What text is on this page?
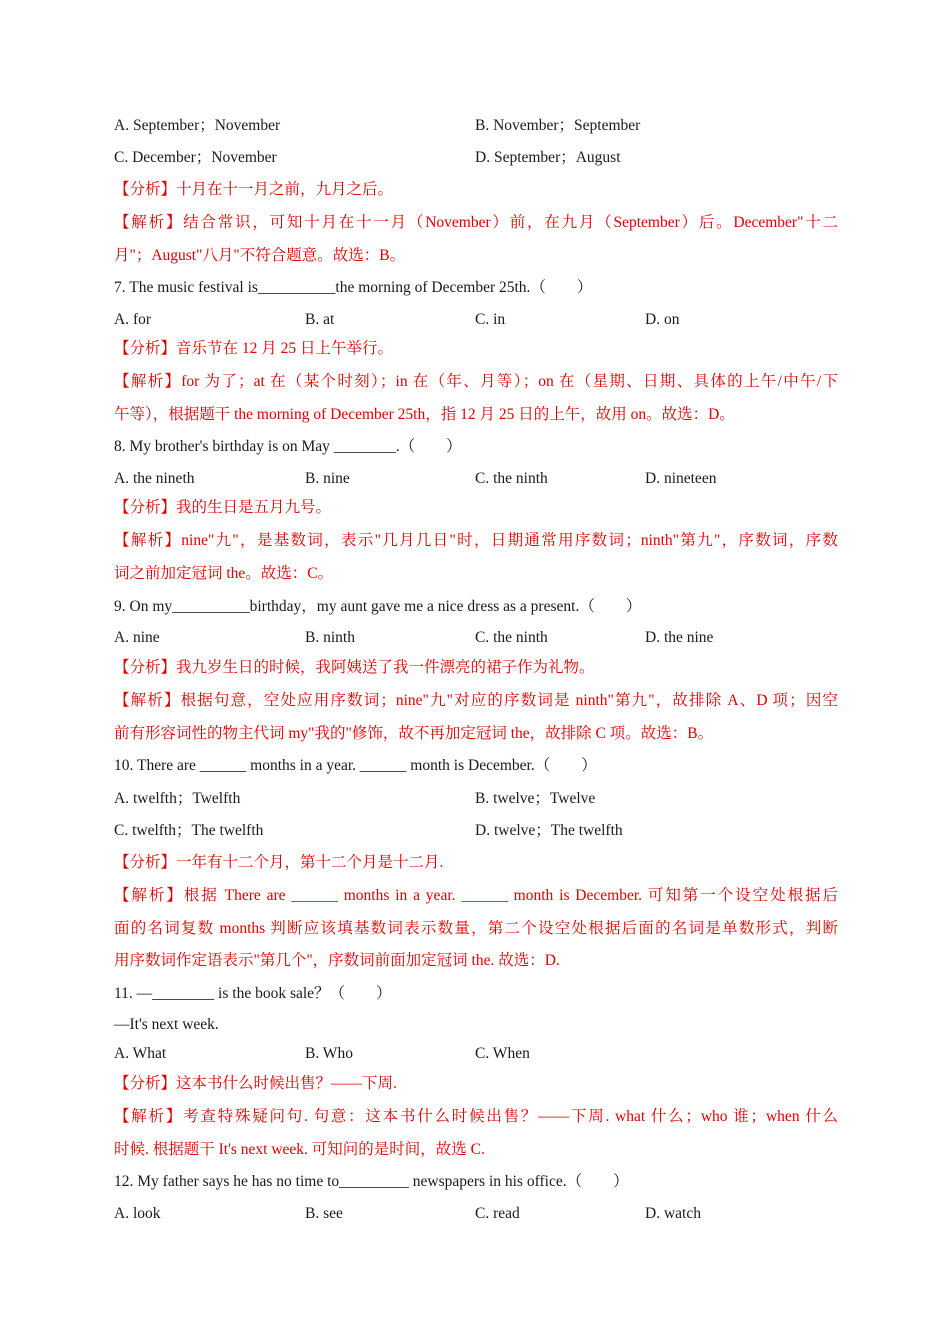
A. September；November	B. November；September
C. December；November	D. September；August
【分析】十月在十一月之前，九月之后。
【解析】结合常识，可知十月在十一月（November）前，在九月（September）后。December"十二
月"；August"八月"不符合题意。故选：B。
7. The music festival is__________the morning of December 25th.（　　）
A. for	B. at	C. in	D. on
【分析】音乐节在 12 月 25 日上午举行。
【解析】for 为了；at 在（某个时刻）；in 在（年、月等）；on 在（星期、日期、具体的上午/中午/下
午等），根据题干 the morning of December 25th，指 12 月 25 日的上午，故用 on。故选：D。
8. My brother's birthday is on May ________.（　　）
A. the nineth	B. nine	C. the ninth	D. nineteen
【分析】我的生日是五月九号。
【解析】nine"九"，是基数词，表示"几月几日"时，日期通常用序数词；ninth"第九"，序数词，序数
词之前加定冠词 the。故选：C。
9. On my__________birthday，my aunt gave me a nice dress as a present.（　　）
A. nine	B. ninth	C. the ninth	D. the nine
【分析】我九岁生日的时候，我阿姨送了我一件漂亮的裙子作为礼物。
【解析】根据句意，空处应用序数词；nine"九"对应的序数词是 ninth"第九"，故排除 A、D 项；因空
前有形容词性的物主代词 my"我的"修饰，故不再加定冠词 the，故排除 C 项。故选：B。
10. There are ______ months in a year. ______ month is December.（　　）
A. twelfth；Twelfth	B. twelve；Twelve
C. twelfth；The twelfth	D. twelve；The twelfth
【分析】一年有十二个月，第十二个月是十二月.
【解析】根据 There are ______ months in a year. ______ month is December. 可知第一个设空处根据后
面的名词复数 months 判断应该填基数词表示数量，第二个设空处根据后面的名词是单数形式，判断
用序数词作定语表示"第几个"，序数词前面加定冠词 the. 故选：D.
11. —________ is the book sale？（　　）
—It's next week.
A. What	B. Who	C. When
【分析】这本书什么时候出售？——下周.
【解析】考查特殊疑问句. 句意：这本书什么时候出售？——下周. what 什么；who 谁；when 什么
时候. 根据题干 It's next week. 可知问的是时间，故选 C.
12. My father says he has no time to_________ newspapers in his office.（　　）
A. look	B. see	C. read	D. watch
